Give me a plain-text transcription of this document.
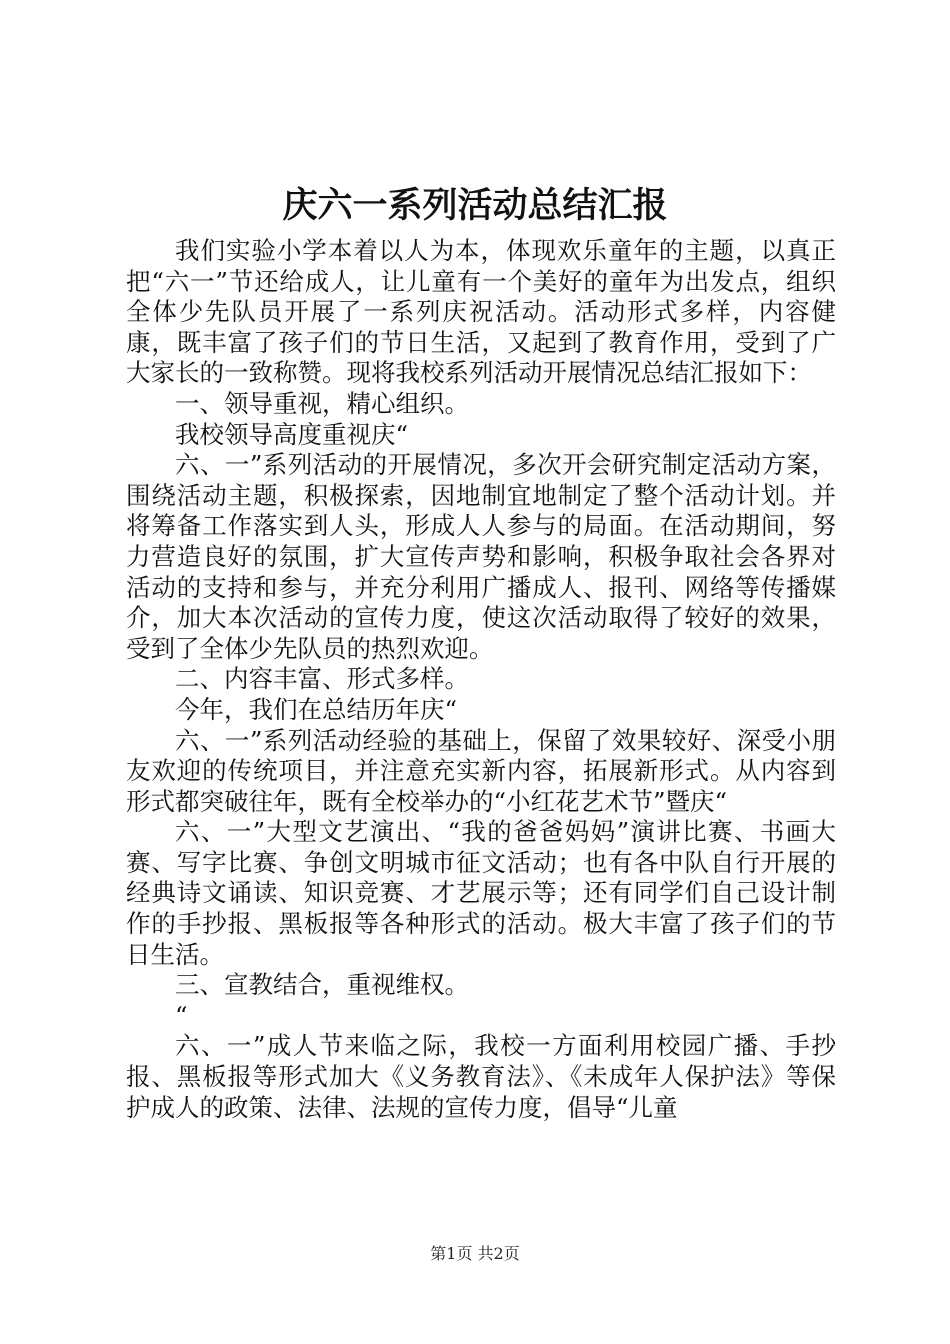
庆六一系列活动总结汇报

我们实验小学本着以人为本，体现欢乐童年的主题，以真正把“六一”节还给成人，让儿童有一个美好的童年为出发点，组织全体少先队员开展了一系列庆祝活动。活动形式多样，内容健康，既丰富了孩子们的节日生活，又起到了教育作用，受到了广大家长的一致称赞。现将我校系列活动开展情况总结汇报如下：

一、领导重视，精心组织。

我校领导高度重视庆“

六、一”系列活动的开展情况，多次开会研究制定活动方案，围绕活动主题，积极探索，因地制宜地制定了整个活动计划。并将筹备工作落实到人头，形成人人参与的局面。在活动期间，努力营造良好的氛围，扩大宣传声势和影响，积极争取社会各界对活动的支持和参与，并充分利用广播成人、报刊、网络等传播媒介，加大本次活动的宣传力度，使这次活动取得了较好的效果，受到了全体少先队员的热烈欢迎。

二、内容丰富、形式多样。

今年，我们在总结历年庆“

六、一”系列活动经验的基础上，保留了效果较好、深受小朋友欢迎的传统项目，并注意充实新内容，拓展新形式。从内容到形式都突破往年，既有全校举办的“小红花艺术节”暨庆“

六、一”大型文艺演出、“我的爸爸妈妈”演讲比赛、书画大赛、写字比赛、争创文明城市征文活动；也有各中队自行开展的经典诗文诵读、知识竞赛、才艺展示等；还有同学们自己设计制作的手抄报、黑板报等各种形式的活动。极大丰富了孩子们的节日生活。

三、宣教结合，重视维权。

“

六、一”成人节来临之际，我校一方面利用校园广播、手抄报、黑板报等形式加大《义务教育法》、《未成年人保护法》等保护成人的政策、法律、法规的宣传力度，倡导“儿童

第1页 共2页
